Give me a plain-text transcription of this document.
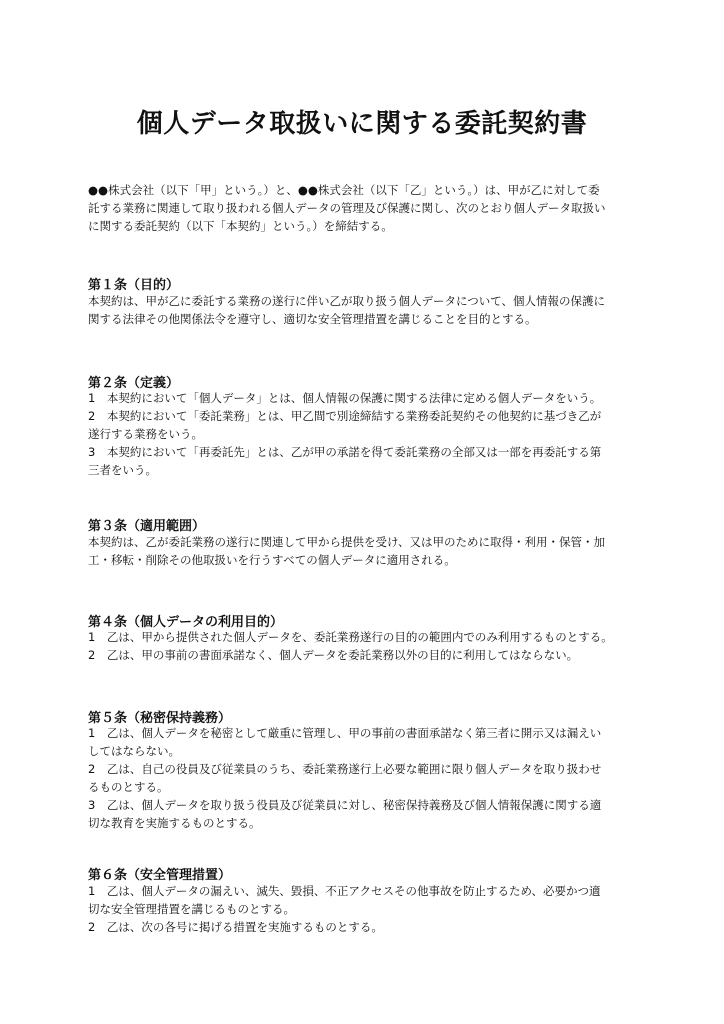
個人データ取扱いに関する委託契約書
●●株式会社（以下「甲」という。）と、●●株式会社（以下「乙」という。）は、甲が乙に対して委
託する業務に関連して取り扱われる個人データの管理及び保護に関し、次のとおり個人データ取扱い
に関する委託契約（以下「本契約」という。）を締結する。
第１条（目的）
本契約は、甲が乙に委託する業務の遂行に伴い乙が取り扱う個人データについて、個人情報の保護に
関する法律その他関係法令を遵守し、適切な安全管理措置を講じることを目的とする。
第２条（定義）
1　本契約において「個人データ」とは、個人情報の保護に関する法律に定める個人データをいう。
2　本契約において「委託業務」とは、甲乙間で別途締結する業務委託契約その他契約に基づき乙が
遂行する業務をいう。
3　本契約において「再委託先」とは、乙が甲の承諾を得て委託業務の全部又は一部を再委託する第
三者をいう。
第３条（適用範囲）
本契約は、乙が委託業務の遂行に関連して甲から提供を受け、又は甲のために取得・利用・保管・加
工・移転・削除その他取扱いを行うすべての個人データに適用される。
第４条（個人データの利用目的）
1　乙は、甲から提供された個人データを、委託業務遂行の目的の範囲内でのみ利用するものとする。
2　乙は、甲の事前の書面承諾なく、個人データを委託業務以外の目的に利用してはならない。
第５条（秘密保持義務）
1　乙は、個人データを秘密として厳重に管理し、甲の事前の書面承諾なく第三者に開示又は漏えい
してはならない。
2　乙は、自己の役員及び従業員のうち、委託業務遂行上必要な範囲に限り個人データを取り扱わせ
るものとする。
3　乙は、個人データを取り扱う役員及び従業員に対し、秘密保持義務及び個人情報保護に関する適
切な教育を実施するものとする。
第６条（安全管理措置）
1　乙は、個人データの漏えい、滅失、毀損、不正アクセスその他事故を防止するため、必要かつ適
切な安全管理措置を講じるものとする。
2　乙は、次の各号に掲げる措置を実施するものとする。
